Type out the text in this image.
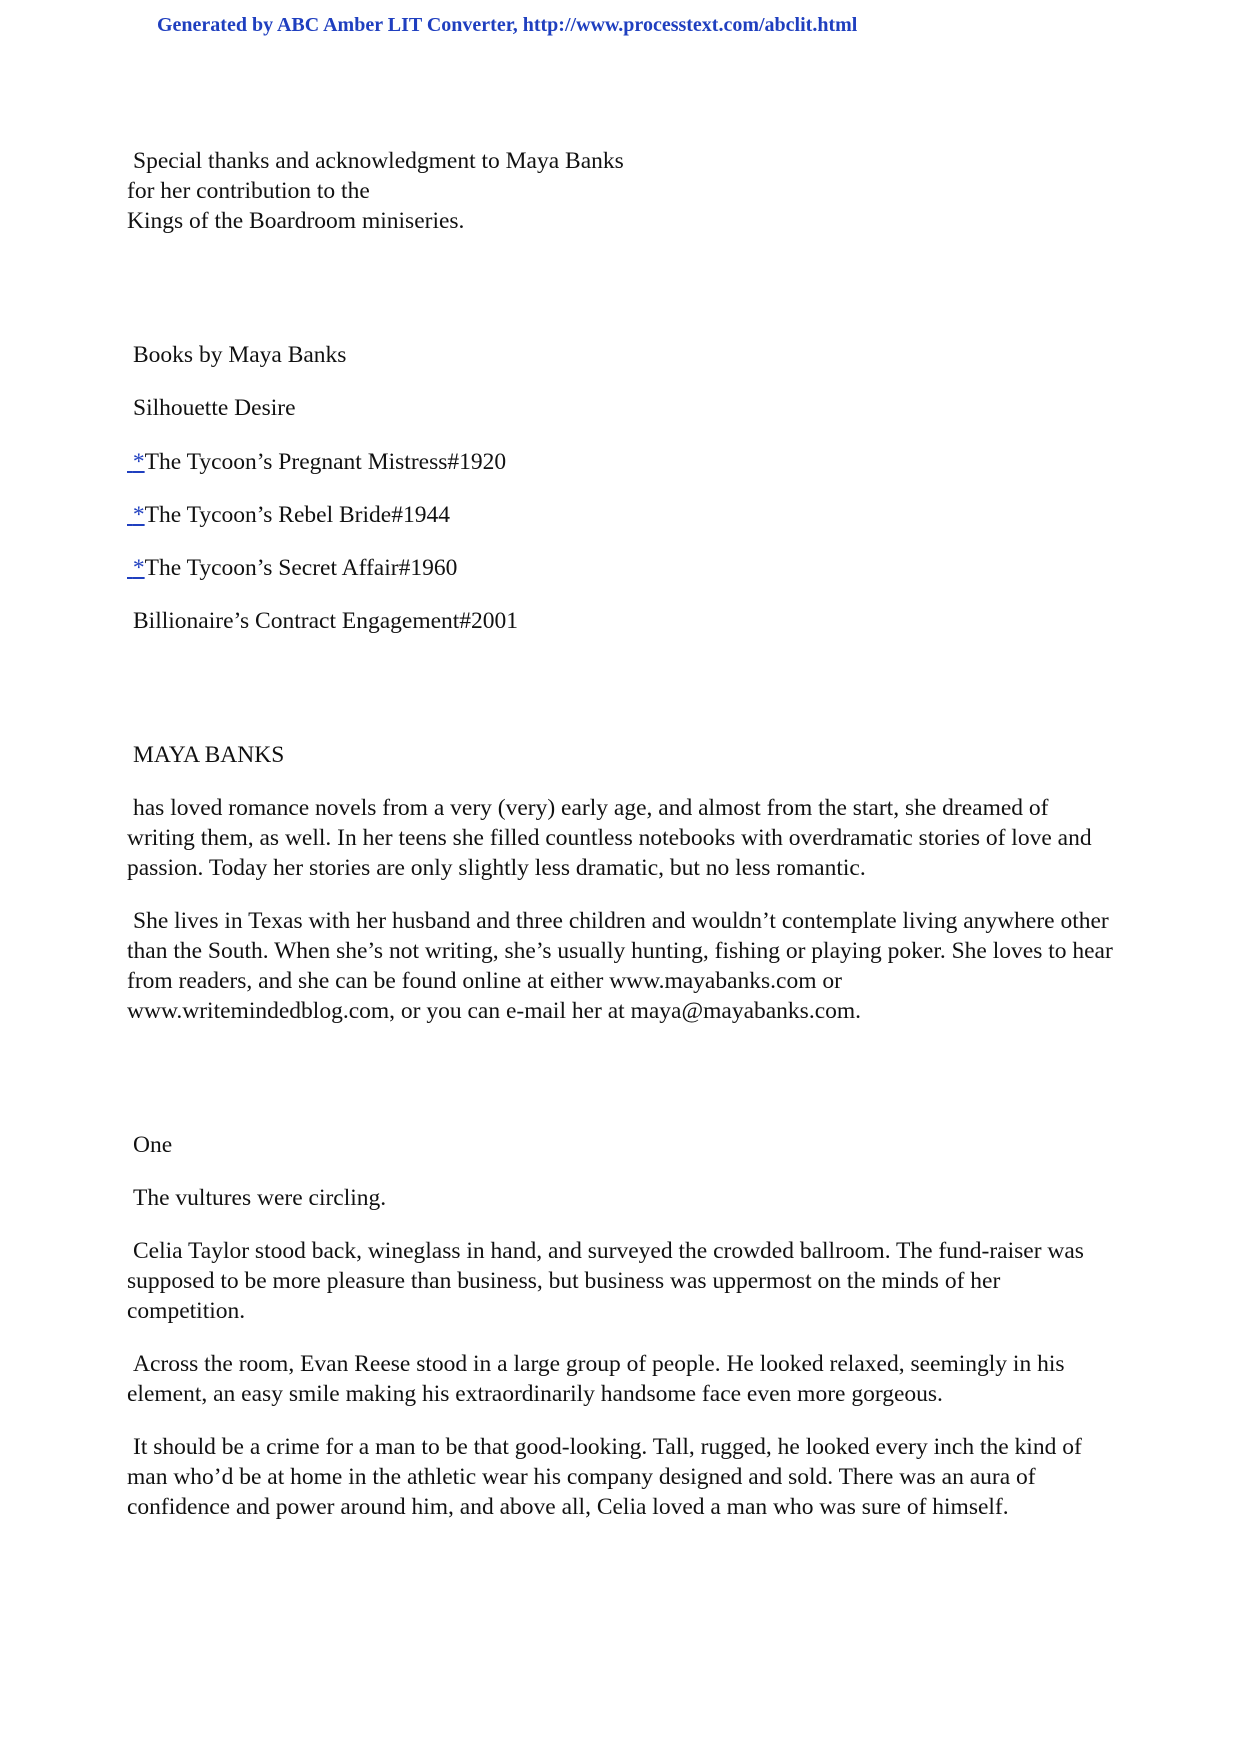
Generated by ABC Amber LIT Converter, http://www.processtext.com/abclit.html
Special thanks and acknowledgment to Maya Banks
for her contribution to the
Kings of the Boardroom miniseries.
Books by Maya Banks
Silhouette Desire
*The Tycoon’s Pregnant Mistress#1920
*The Tycoon’s Rebel Bride#1944
*The Tycoon’s Secret Affair#1960
Billionaire’s Contract Engagement#2001
MAYA BANKS
has loved romance novels from a very (very) early age, and almost from the start, she dreamed of
writing them, as well. In her teens she filled countless notebooks with overdramatic stories of love and
passion. Today her stories are only slightly less dramatic, but no less romantic.
She lives in Texas with her husband and three children and wouldn’t contemplate living anywhere other
than the South. When she’s not writing, she’s usually hunting, fishing or playing poker. She loves to hear
from readers, and she can be found online at either www.mayabanks.com or
www.writemindedblog.com, or you can e-mail her at maya@mayabanks.com.
One
The vultures were circling.
Celia Taylor stood back, wineglass in hand, and surveyed the crowded ballroom. The fund-raiser was
supposed to be more pleasure than business, but business was uppermost on the minds of her
competition.
Across the room, Evan Reese stood in a large group of people. He looked relaxed, seemingly in his
element, an easy smile making his extraordinarily handsome face even more gorgeous.
It should be a crime for a man to be that good-looking. Tall, rugged, he looked every inch the kind of
man who’d be at home in the athletic wear his company designed and sold. There was an aura of
confidence and power around him, and above all, Celia loved a man who was sure of himself.
